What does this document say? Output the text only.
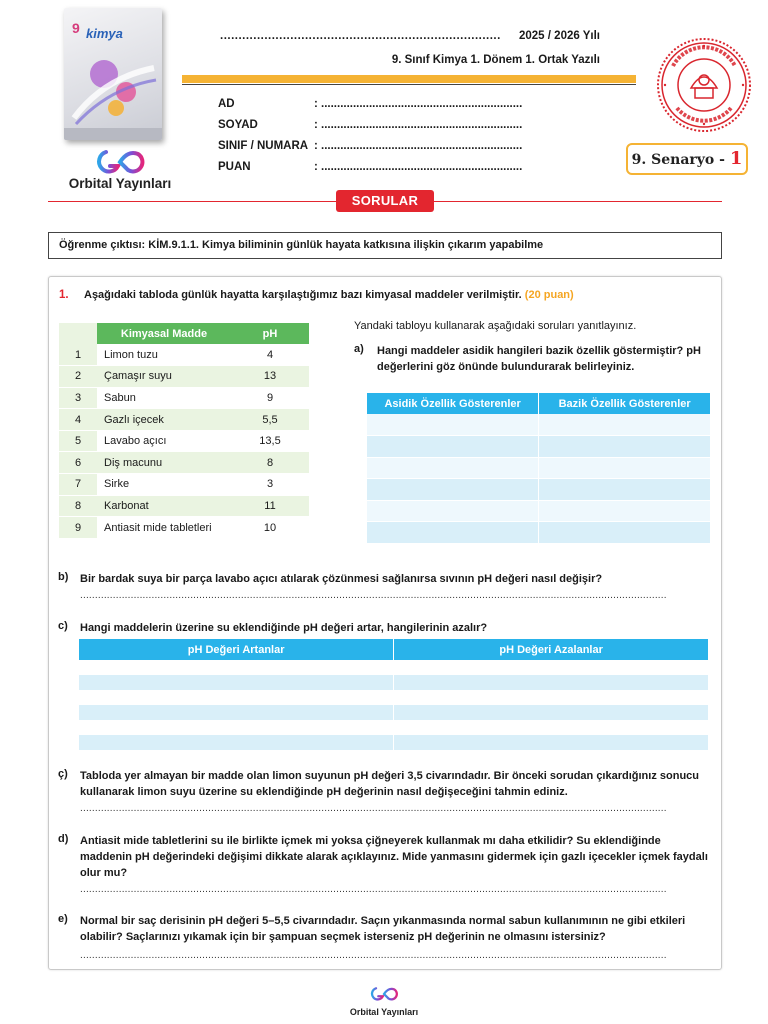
9 kimya
Orbital Yayınları
............................................................................ 2025 / 2026 Yılı
9. Sınıf Kimya 1. Dönem 1. Ortak Yazılı
AD	: ...............................................................
SOYAD	: ...............................................................
SINIF / NUMARA : ...............................................................
PUAN	: ...............................................................	9. Senaryo - 1
SORULAR
Öğrenme çıktısı: KİM.9.1.1. Kimya biliminin günlük hayata katkısına ilişkin çıkarım yapabilme
1. Aşağıdaki tabloda günlük hayatta karşılaştığımız bazı kimyasal maddeler verilmiştir. (20 puan)
	Kimyasal Madde	pH
1	Limon tuzu	4
2	Çamaşır suyu	13
3	Sabun	9
4	Gazlı içecek	5,5
5	Lavabo açıcı	13,5
6	Diş macunu	8
7	Sirke	3
8	Karbonat	11
9	Antiasit mide tabletleri	10
Yandaki tabloyu kullanarak aşağıdaki soruları yanıtlayınız.
a) Hangi maddeler asidik hangileri bazik özellik göstermiştir? pH değerlerini göz önünde bulundurarak belirleyiniz.
Asidik Özellik Gösterenler	Bazik Özellik Gösterenler

b) Bir bardak suya bir parça lavabo açıcı atılarak çözünmesi sağlanırsa sıvının pH değeri nasıl değişir?
.....................................................................................................................................................................................................
c) Hangi maddelerin üzerine su eklendiğinde pH değeri artar, hangilerinin azalır?
pH Değeri Artanlar	pH Değeri Azalanlar

ç) Tabloda yer almayan bir madde olan limon suyunun pH değeri 3,5 civarındadır. Bir önceki sorudan çıkardığınız sonucu kullanarak limon suyu üzerine su eklendiğinde pH değerinin nasıl değişeceğini tahmin ediniz.
.....................................................................................................................................................................................................
d) Antiasit mide tabletlerini su ile birlikte içmek mi yoksa çiğneyerek kullanmak mı daha etkilidir? Su eklendiğinde maddenin pH değerindeki değişimi dikkate alarak açıklayınız. Mide yanmasını gidermek için gazlı içecekler içmek faydalı olur mu?
.....................................................................................................................................................................................................
e) Normal bir saç derisinin pH değeri 5–5,5 civarındadır. Saçın yıkanmasında normal sabun kullanımının ne gibi etkileri olabilir? Saçlarınızı yıkamak için bir şampuan seçmek isterseniz pH değerinin ne olmasını istersiniz?
.....................................................................................................................................................................................................
Orbital Yayınları
